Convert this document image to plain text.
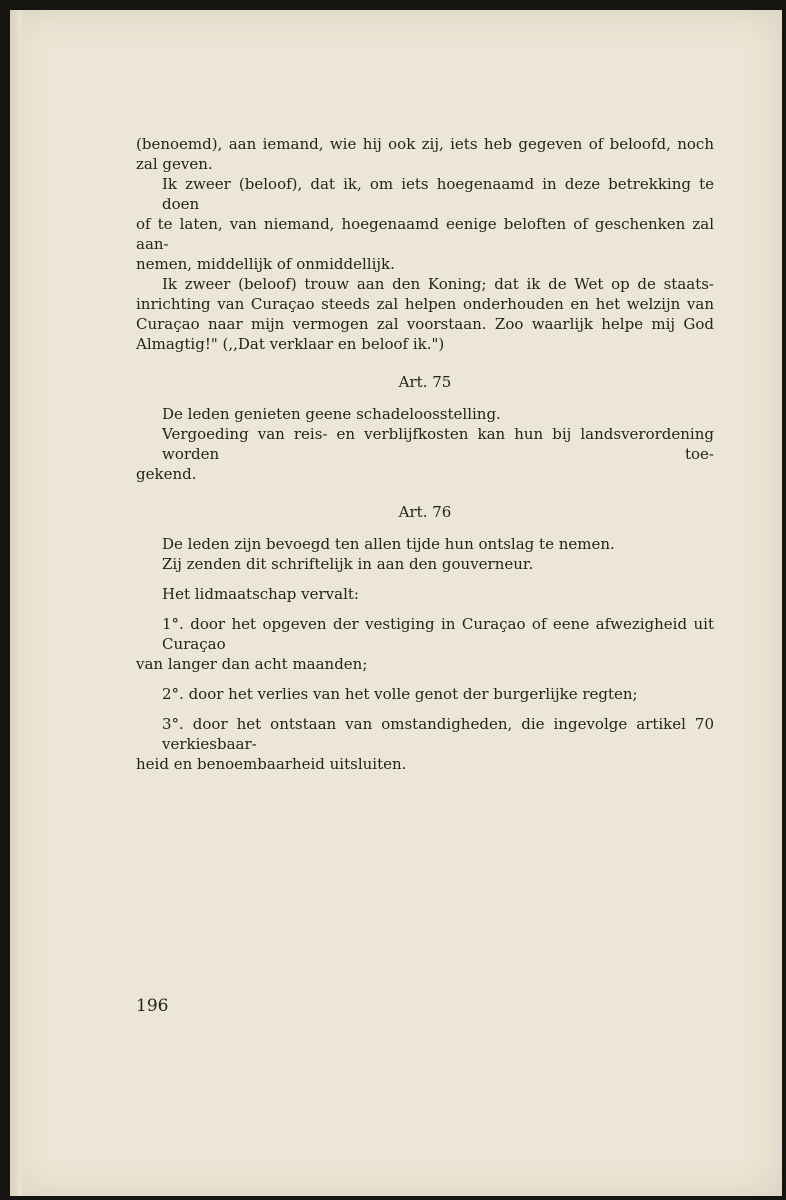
(benoemd), aan iemand, wie hij ook zij, iets heb gegeven of beloofd, noch
zal geven.

Ik zweer (beloof), dat ik, om iets hoegenaamd in deze betrekking te doen
of te laten, van niemand, hoegenaamd eenige beloften of geschenken zal aan-
nemen, middellijk of onmiddellijk.

Ik zweer (beloof) trouw aan den Koning; dat ik de Wet op de staats-
inrichting van Curaçao steeds zal helpen onderhouden en het welzijn van
Curaçao naar mijn vermogen zal voorstaan. Zoo waarlijk helpe mij God
Almagtig!" (,,Dat verklaar en beloof ik.")

Art. 75

De leden genieten geene schadeloosstelling.

Vergoeding van reis- en verblijfkosten kan hun bij landsverordening worden toe-
gekend.

Art. 76

De leden zijn bevoegd ten allen tijde hun ontslag te nemen.

Zij zenden dit schriftelijk in aan den gouverneur.

Het lidmaatschap vervalt:

1°. door het opgeven der vestiging in Curaçao of eene afwezigheid uit Curaçao
van langer dan acht maanden;

2°. door het verlies van het volle genot der burgerlijke regten;

3°. door het ontstaan van omstandigheden, die ingevolge artikel 70 verkiesbaar-
heid en benoembaarheid uitsluiten.

196
